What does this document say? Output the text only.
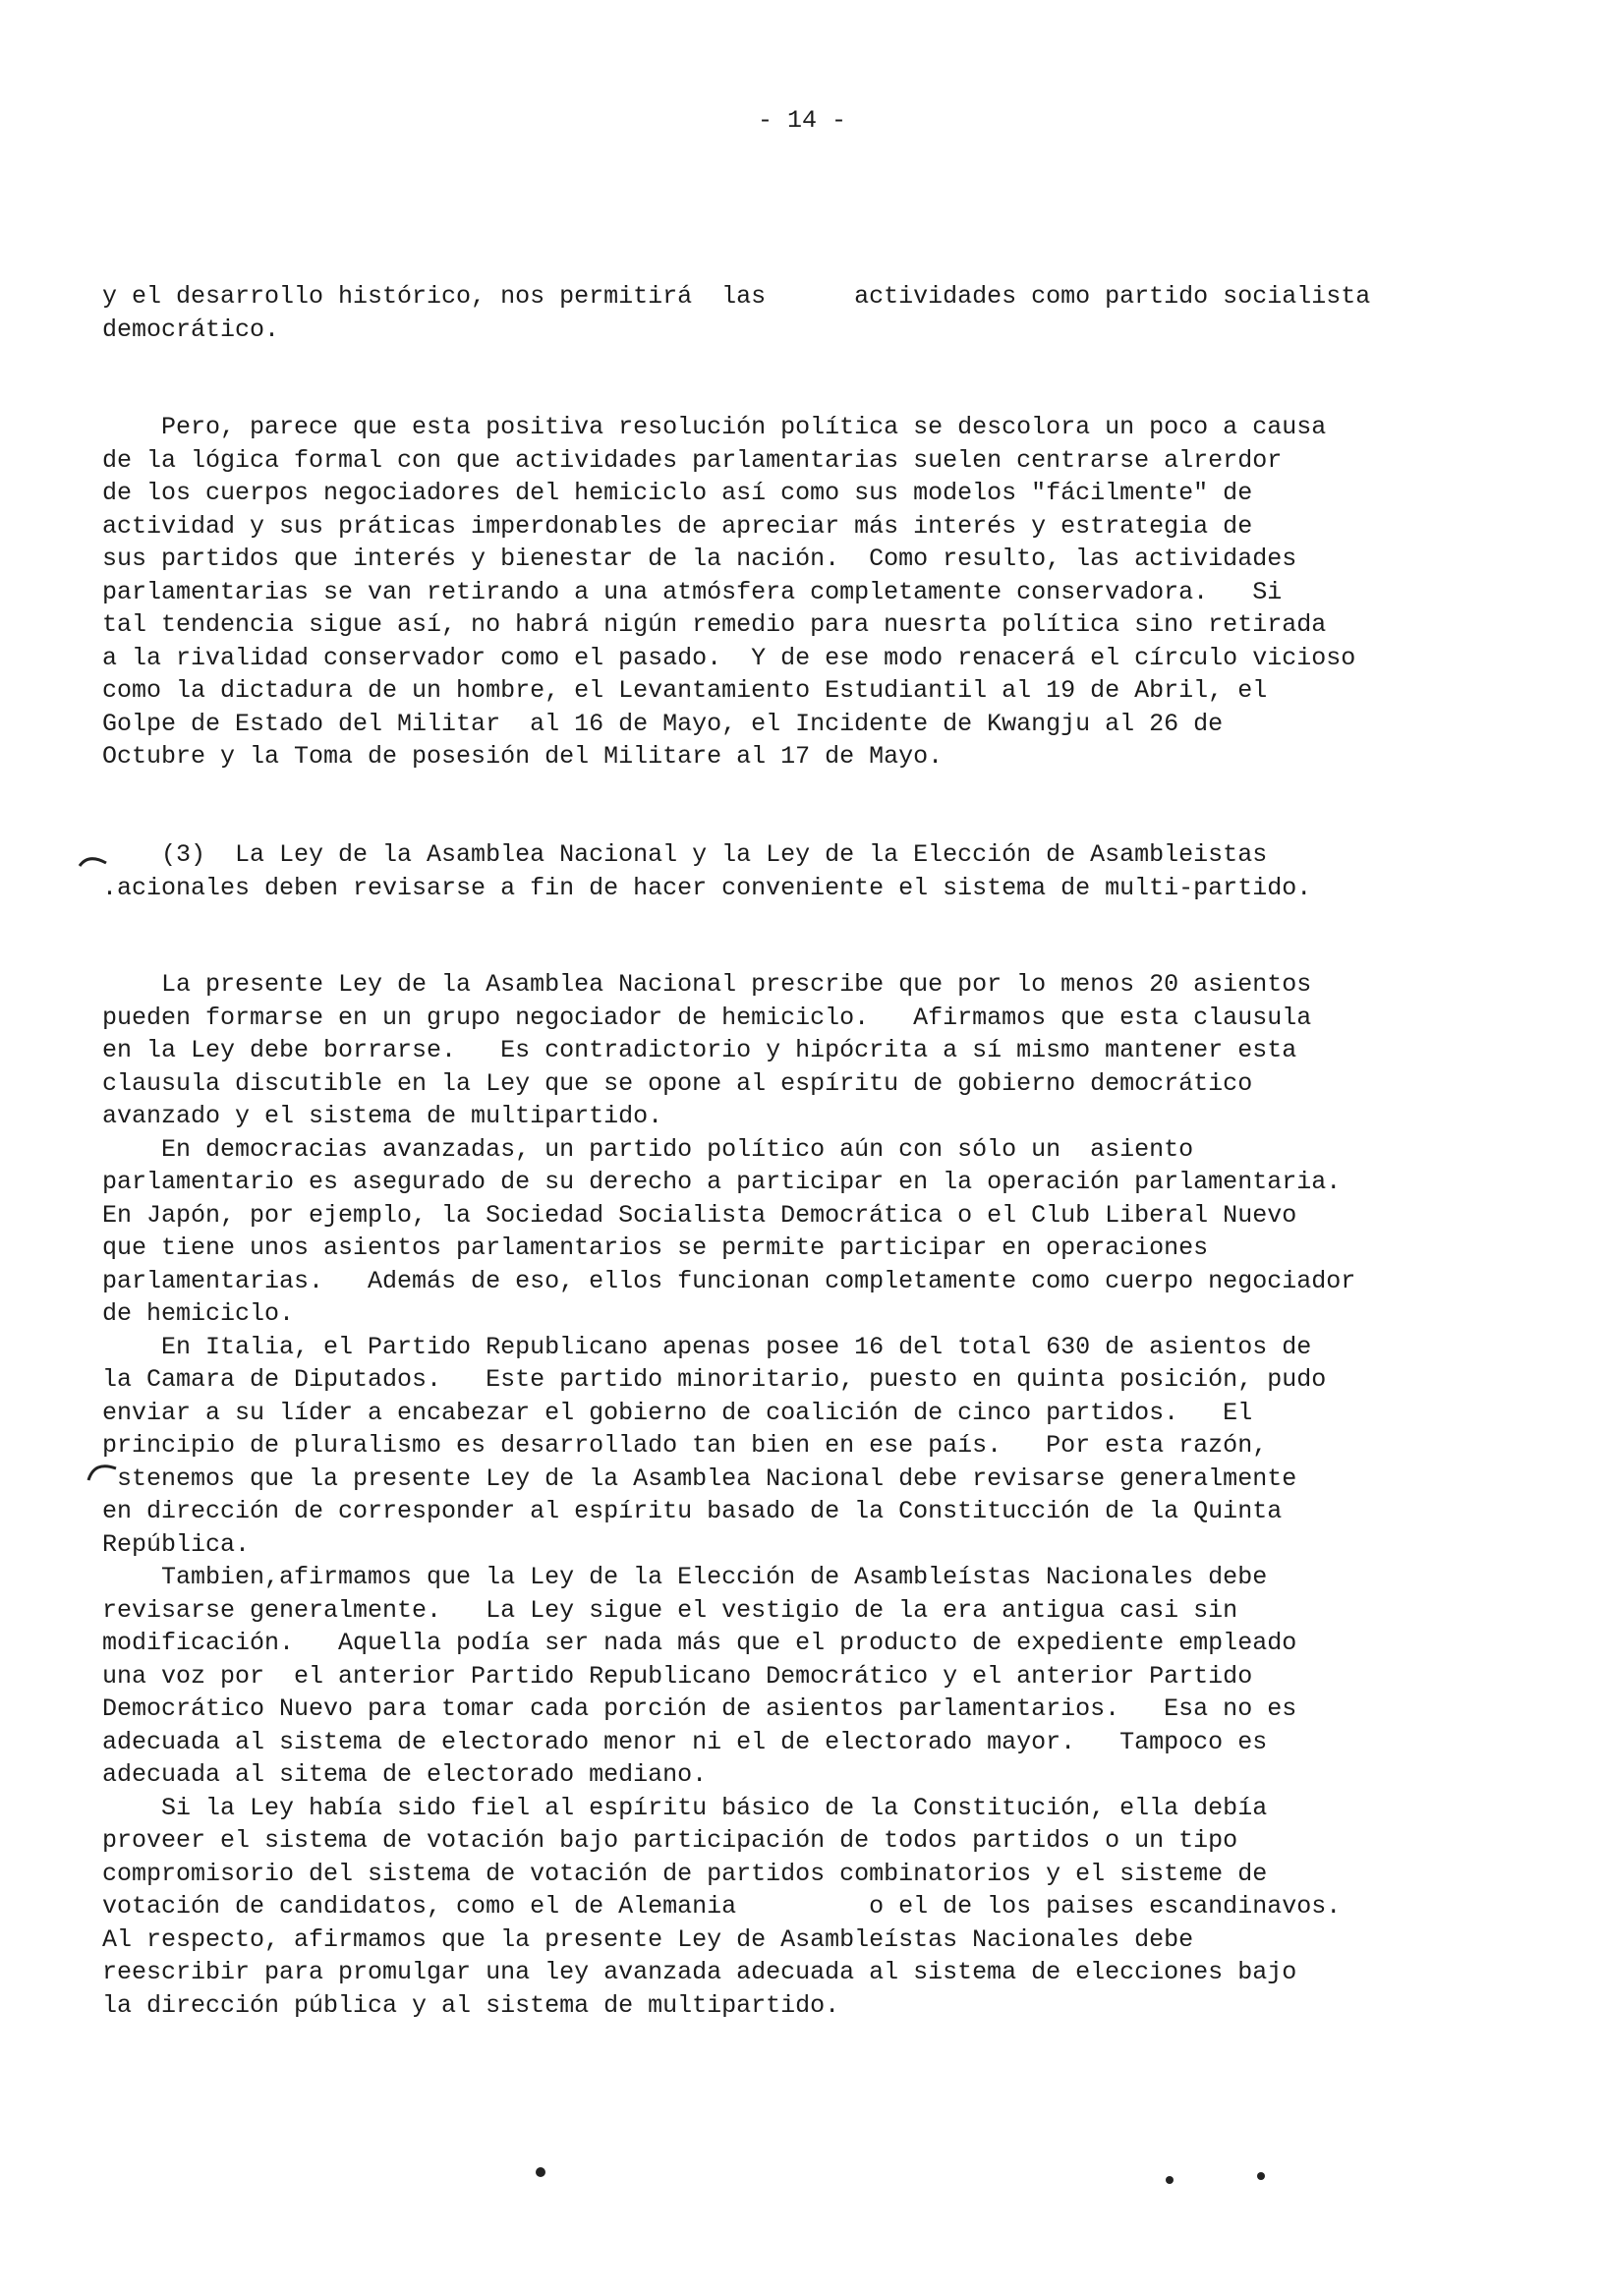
- 14 -
y el desarrollo histórico, nos permitirá  las      actividades como partido socialista
democrático.
Pero, parece que esta positiva resolución política se descolora un poco a causa
de la lógica formal con que actividades parlamentarias suelen centrarse alrerdor
de los cuerpos negociadores del hemiciclo así como sus modelos "fácilmente" de
actividad y sus práticas imperdonables de apreciar más interés y estrategia de
sus partidos que interés y bienestar de la nación.  Como resulto, las actividades
parlamentarias se van retirando a una atmósfera completamente conservadora.   Si
tal tendencia sigue así, no habrá nigún remedio para nuesrta política sino retirada
a la rivalidad conservador como el pasado.  Y de ese modo renacerá el círculo vicioso
como la dictadura de un hombre, el Levantamiento Estudiantil al 19 de Abril, el
Golpe de Estado del Militar  al 16 de Mayo, el Incidente de Kwangju al 26 de
Octubre y la Toma de posesión del Militare al 17 de Mayo.
(3)  La Ley de la Asamblea Nacional y la Ley de la Elección de Asambleistas
.acionales deben revisarse a fin de hacer conveniente el sistema de multi-partido.
La presente Ley de la Asamblea Nacional prescribe que por lo menos 20 asientos
pueden formarse en un grupo negociador de hemiciclo.   Afirmamos que esta clausula
en la Ley debe borrarse.   Es contradictorio y hipócrita a sí mismo mantener esta
clausula discutible en la Ley que se opone al espíritu de gobierno democrático
avanzado y el sistema de multipartido.
En democracias avanzadas, un partido político aún con sólo un  asiento
parlamentario es asegurado de su derecho a participar en la operación parlamentaria.
En Japón, por ejemplo, la Sociedad Socialista Democrática o el Club Liberal Nuevo
que tiene unos asientos parlamentarios se permite participar en operaciones
parlamentarias.   Además de eso, ellos funcionan completamente como cuerpo negociador
de hemiciclo.
En Italia, el Partido Republicano apenas posee 16 del total 630 de asientos de
la Camara de Diputados.   Este partido minoritario, puesto en quinta posición, pudo
enviar a su líder a encabezar el gobierno de coalición de cinco partidos.   El
principio de pluralismo es desarrollado tan bien en ese país.   Por esta razón,
stenemos que la presente Ley de la Asamblea Nacional debe revisarse generalmente
en dirección de corresponder al espíritu basado de la Constitucción de la Quinta
República.
Tambien,afirmamos que la Ley de la Elección de Asambleístas Nacionales debe
revisarse generalmente.   La Ley sigue el vestigio de la era antigua casi sin
modificación.   Aquella podía ser nada más que el producto de expediente empleado
una voz por  el anterior Partido Republicano Democrático y el anterior Partido
Democrático Nuevo para tomar cada porción de asientos parlamentarios.   Esa no es
adecuada al sistema de electorado menor ni el de electorado mayor.   Tampoco es
adecuada al sitema de electorado mediano.
Si la Ley había sido fiel al espíritu básico de la Constitución, ella debía
proveer el sistema de votación bajo participación de todos partidos o un tipo
compromisorio del sistema de votación de partidos combinatorios y el sisteme de
votación de candidatos, como el de Alemania         o el de los paises escandinavos.
Al respecto, afirmamos que la presente Ley de Asambleístas Nacionales debe
reescribir para promulgar una ley avanzada adecuada al sistema de elecciones bajo
la dirección pública y al sistema de multipartido.
